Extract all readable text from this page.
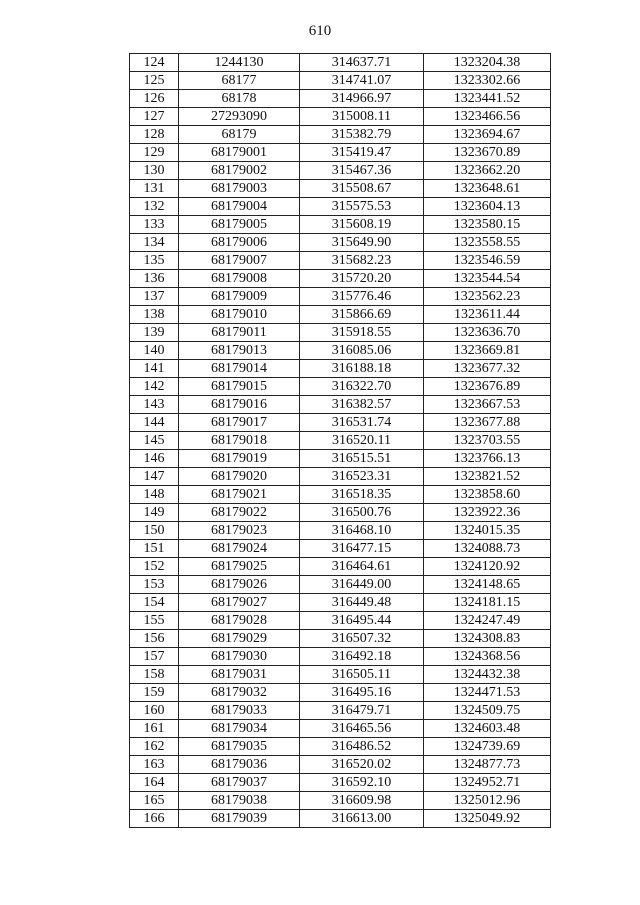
610
124	1244130	314637.71	1323204.38
125	68177	314741.07	1323302.66
126	68178	314966.97	1323441.52
127	27293090	315008.11	1323466.56
128	68179	315382.79	1323694.67
129	68179001	315419.47	1323670.89
130	68179002	315467.36	1323662.20
131	68179003	315508.67	1323648.61
132	68179004	315575.53	1323604.13
133	68179005	315608.19	1323580.15
134	68179006	315649.90	1323558.55
135	68179007	315682.23	1323546.59
136	68179008	315720.20	1323544.54
137	68179009	315776.46	1323562.23
138	68179010	315866.69	1323611.44
139	68179011	315918.55	1323636.70
140	68179013	316085.06	1323669.81
141	68179014	316188.18	1323677.32
142	68179015	316322.70	1323676.89
143	68179016	316382.57	1323667.53
144	68179017	316531.74	1323677.88
145	68179018	316520.11	1323703.55
146	68179019	316515.51	1323766.13
147	68179020	316523.31	1323821.52
148	68179021	316518.35	1323858.60
149	68179022	316500.76	1323922.36
150	68179023	316468.10	1324015.35
151	68179024	316477.15	1324088.73
152	68179025	316464.61	1324120.92
153	68179026	316449.00	1324148.65
154	68179027	316449.48	1324181.15
155	68179028	316495.44	1324247.49
156	68179029	316507.32	1324308.83
157	68179030	316492.18	1324368.56
158	68179031	316505.11	1324432.38
159	68179032	316495.16	1324471.53
160	68179033	316479.71	1324509.75
161	68179034	316465.56	1324603.48
162	68179035	316486.52	1324739.69
163	68179036	316520.02	1324877.73
164	68179037	316592.10	1324952.71
165	68179038	316609.98	1325012.96
166	68179039	316613.00	1325049.92
